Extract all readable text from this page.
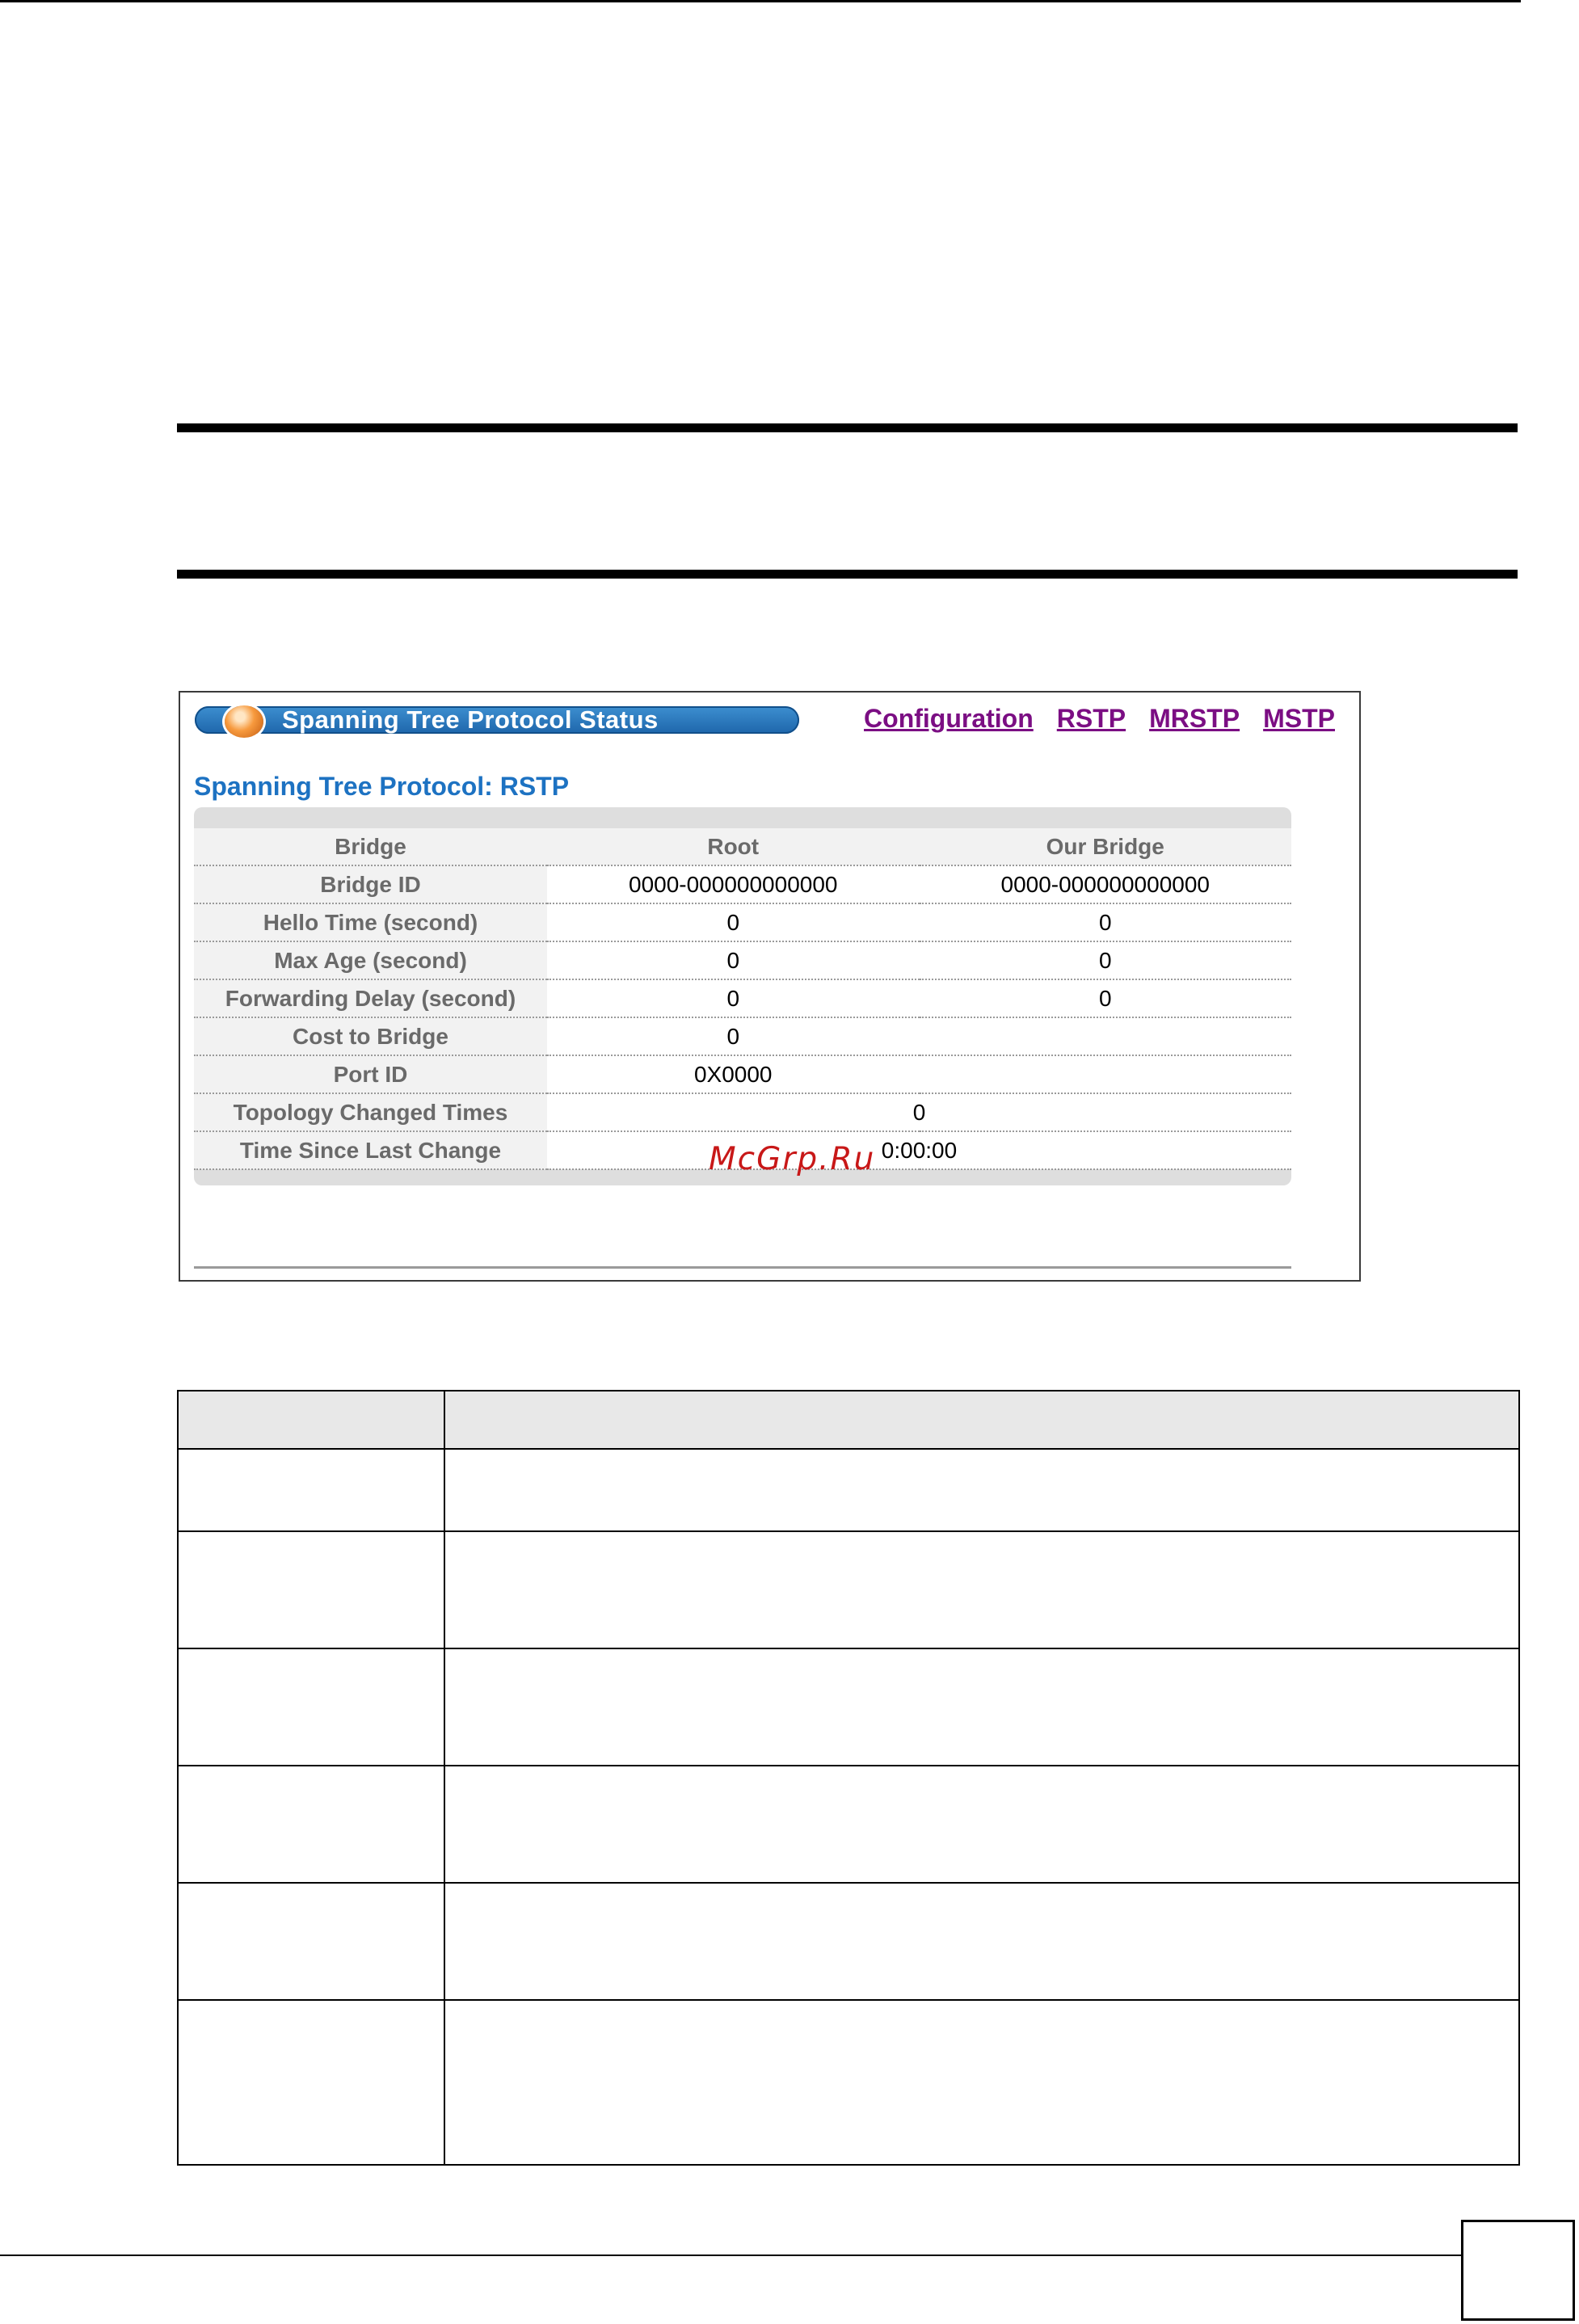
Spanning Tree Protocol Status	Configuration RSTP MRSTP MSTP
Spanning Tree Protocol: RSTP
Bridge	Root	Our Bridge
Bridge ID	0000-000000000000	0000-000000000000
Hello Time (second)	0	0
Max Age (second)	0	0
Forwarding Delay (second)	0	0
Cost to Bridge	0	
Port ID	0X0000	
Topology Changed Times	0	
Time Since Last Change	0:00:00	
McGrp.Ru
